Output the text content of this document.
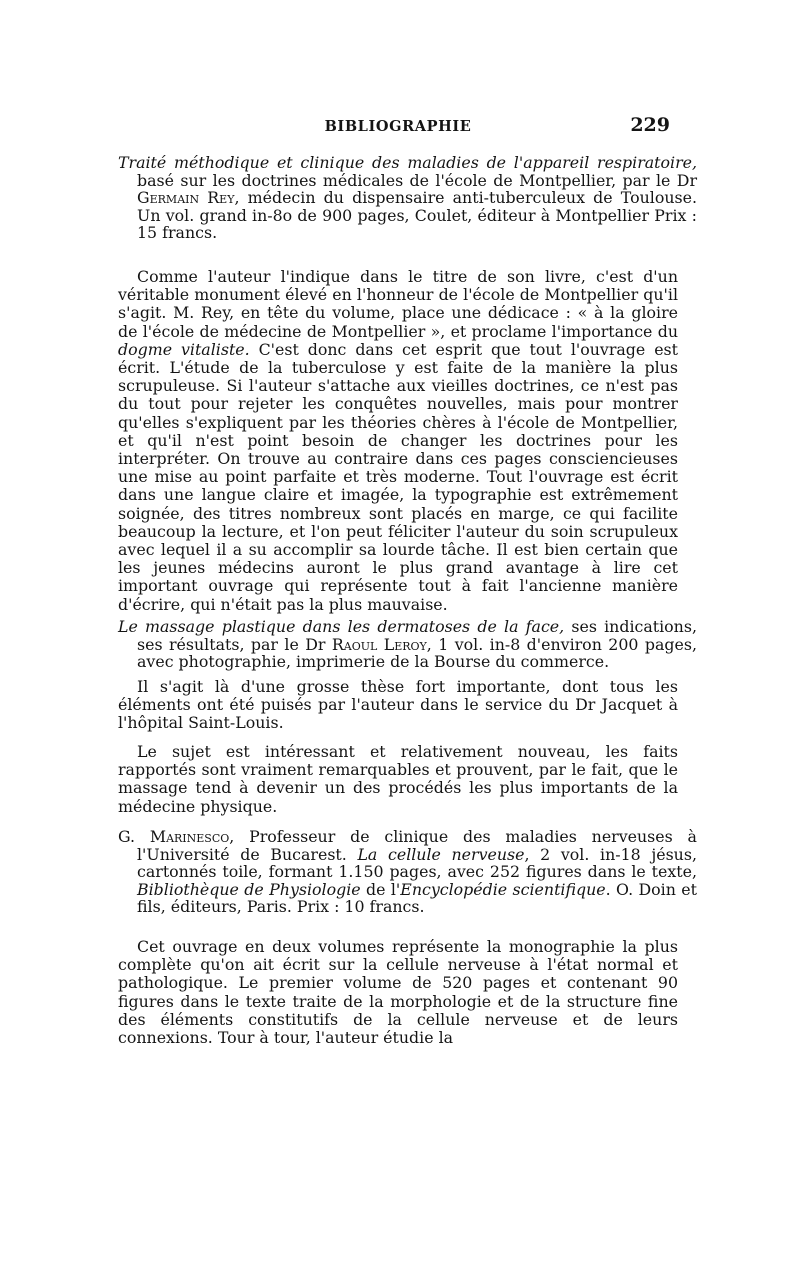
BIBLIOGRAPHIE	229

Traité méthodique et clinique des maladies de l'appareil respiratoire, basé sur les doctrines médicales de l'école de Montpellier, par le Dr Germain Rey, médecin du dispensaire anti-tuberculeux de Toulouse. Un vol. grand in-8o de 900 pages, Coulet, éditeur à Montpellier Prix : 15 francs.

Comme l'auteur l'indique dans le titre de son livre, c'est d'un véritable monument élevé en l'honneur de l'école de Montpellier qu'il s'agit. M. Rey, en tête du volume, place une dédicace : « à la gloire de l'école de médecine de Montpellier », et proclame l'importance du dogme vitaliste. C'est donc dans cet esprit que tout l'ouvrage est écrit. L'étude de la tuberculose y est faite de la manière la plus scrupuleuse. Si l'auteur s'attache aux vieilles doctrines, ce n'est pas du tout pour rejeter les conquêtes nouvelles, mais pour montrer qu'elles s'expliquent par les théories chères à l'école de Montpellier, et qu'il n'est point besoin de changer les doctrines pour les interpréter. On trouve au contraire dans ces pages consciencieuses une mise au point parfaite et très moderne. Tout l'ouvrage est écrit dans une langue claire et imagée, la typographie est extrêmement soignée, des titres nombreux sont placés en marge, ce qui facilite beaucoup la lecture, et l'on peut féliciter l'auteur du soin scrupuleux avec lequel il a su accomplir sa lourde tâche. Il est bien certain que les jeunes médecins auront le plus grand avantage à lire cet important ouvrage qui représente tout à fait l'ancienne manière d'écrire, qui n'était pas la plus mauvaise.

Le massage plastique dans les dermatoses de la face, ses indications, ses résultats, par le Dr Raoul Leroy, 1 vol. in-8 d'environ 200 pages, avec photographie, imprimerie de la Bourse du commerce.

Il s'agit là d'une grosse thèse fort importante, dont tous les éléments ont été puisés par l'auteur dans le service du Dr Jacquet à l'hôpital Saint-Louis.

Le sujet est intéressant et relativement nouveau, les faits rapportés sont vraiment remarquables et prouvent, par le fait, que le massage tend à devenir un des procédés les plus importants de la médecine physique.

G. Marinesco, Professeur de clinique des maladies nerveuses à l'Université de Bucarest. La cellule nerveuse, 2 vol. in-18 jésus, cartonnés toile, formant 1.150 pages, avec 252 figures dans le texte, Bibliothèque de Physiologie de l'Encyclopédie scientifique. O. Doin et fils, éditeurs, Paris. Prix : 10 francs.

Cet ouvrage en deux volumes représente la monographie la plus complète qu'on ait écrit sur la cellule nerveuse à l'état normal et pathologique. Le premier volume de 520 pages et contenant 90 figures dans le texte traite de la morphologie et de la structure fine des éléments constitutifs de la cellule nerveuse et de leurs connexions. Tour à tour, l'auteur étudie la
